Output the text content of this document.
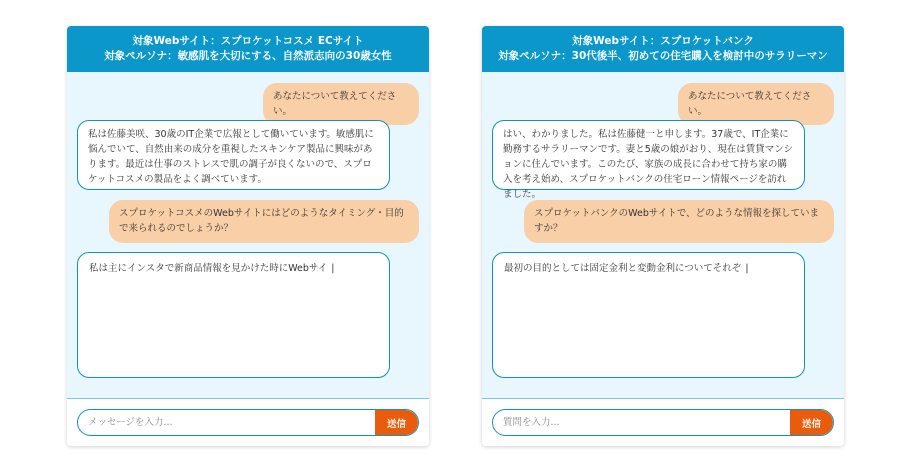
対象Webサイト：スプロケットコスメ ECサイト
対象ペルソナ：敏感肌を大切にする、自然派志向の30歳女性
あなたについて教えてください。
私は佐藤美咲、30歳のIT企業で広報として働いています。敏感肌に悩んでいて、自然由来の成分を重視したスキンケア製品に興味があります。最近は仕事のストレスで肌の調子が良くないので、スプロケットコスメの製品をよく調べています。
スプロケットコスメのWebサイトにはどのようなタイミング・目的で来られるのでしょうか？
私は主にインスタで新商品情報を見かけた時にWebサイ |
メッセージを入力...
送信
対象Webサイト：スプロケットバンク
対象ペルソナ：30代後半、初めての住宅購入を検討中のサラリーマン
あなたについて教えてください。
はい、わかりました。私は佐藤健一と申します。37歳で、IT企業に勤務するサラリーマンです。妻と5歳の娘がおり、現在は賃貸マンションに住んでいます。このたび、家族の成長に合わせて持ち家の購入を考え始め、スプロケットバンクの住宅ローン情報ページを訪れました。
スプロケットバンクのWebサイトで、どのような情報を探していますか？
最初の目的としては固定金利と変動金利についてそれぞ |
質問を入力...
送信
